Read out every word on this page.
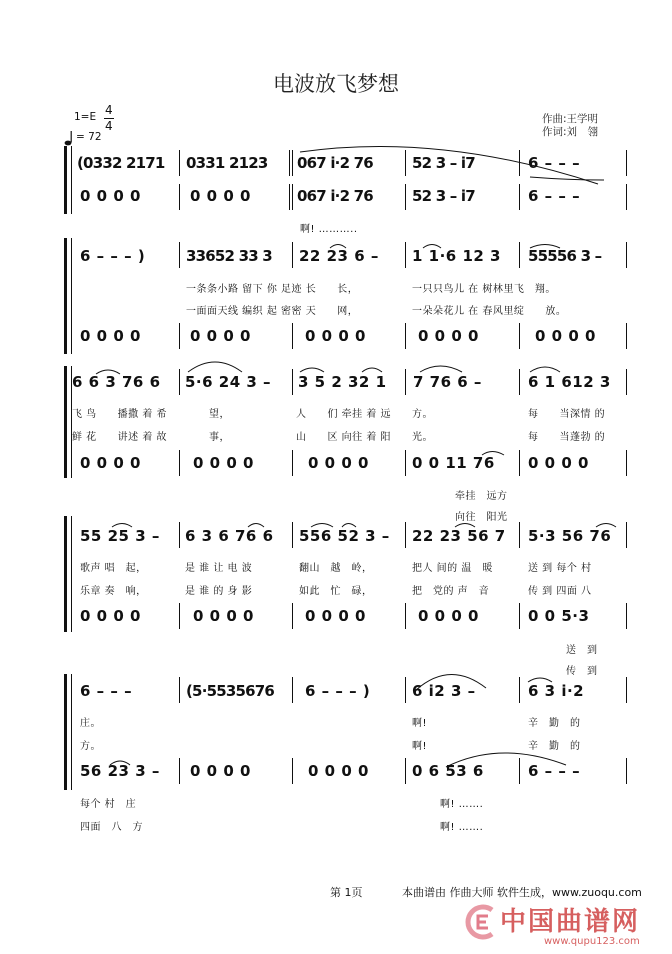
电波放飞梦想
作曲:王学明
作词:刘　翎
1=E 4
4
= 72
(0332 2171 0331 2123 067 i·2 76	52 3 – i7	6 – – –
0 0 0 0	0 0 0 0	067 i·2 76	52 3 – i7	6 – – –
啊! ………..
6 – – – )	33652 33 3 22 23 6 – 1 1·6 12 3 55556 3 –
一条条小路 留下 你 足迹 长　　长，	一只只鸟儿 在 树林里飞　翔。
一面面天线 编织 起 密密 天　　网，	一朵朵花儿 在 春风里绽　　放。
0 0 0 0	0 0 0 0	0 0 0 0	0 0 0 0	0 0 0 0
6 6 3 76 6 5·6 24 3 – 3 5 2 32 1 7 76 6 –	6 1 612 3
飞 鸟　　播撒 着 希　　　　望，	人　　们 牵挂 着 远　　方。	每　　当深情 的
鲜 花　　讲述 着 故　　　　事，	山　　区 向往 着 阳　　光。	每　　当蓬勃 的
0 0 0 0	0 0 0 0	0 0 0 0	0 0 11 76 0 0 0 0
牵挂　远方
向往　阳光
55 25 3 – 6 3 6 76 6 556 52 3 – 22 23 56 7 5·3 56 76
歌声 唱　起，	是 谁 让 电 波	翻山　越　岭，	把人 间的 温　暖	送 到 每个 村
乐章 奏　响，	是 谁 的 身 影	如此　忙　碌，	把　党的 声　音	传 到 四面 八
0 0 0 0	0 0 0 0	0 0 0 0	0 0 0 0	0 0 5·3
送　到
传　到
6 – – –	(5·5535676 6 – – – )	6 i2 3 –	6 3 i·2
庄。	啊!	辛　勤　的
方。	啊!	辛　勤　的
56 23 3 – 0 0 0 0	0 0 0 0	0 6 53 6	6 – – –
每个 村　庄	啊! …….
四面　八　方	啊! …….
第 1页	本曲谱由 作曲大师 软件生成，www.zuoqu.com
中国曲谱网
www.qupu123.com
